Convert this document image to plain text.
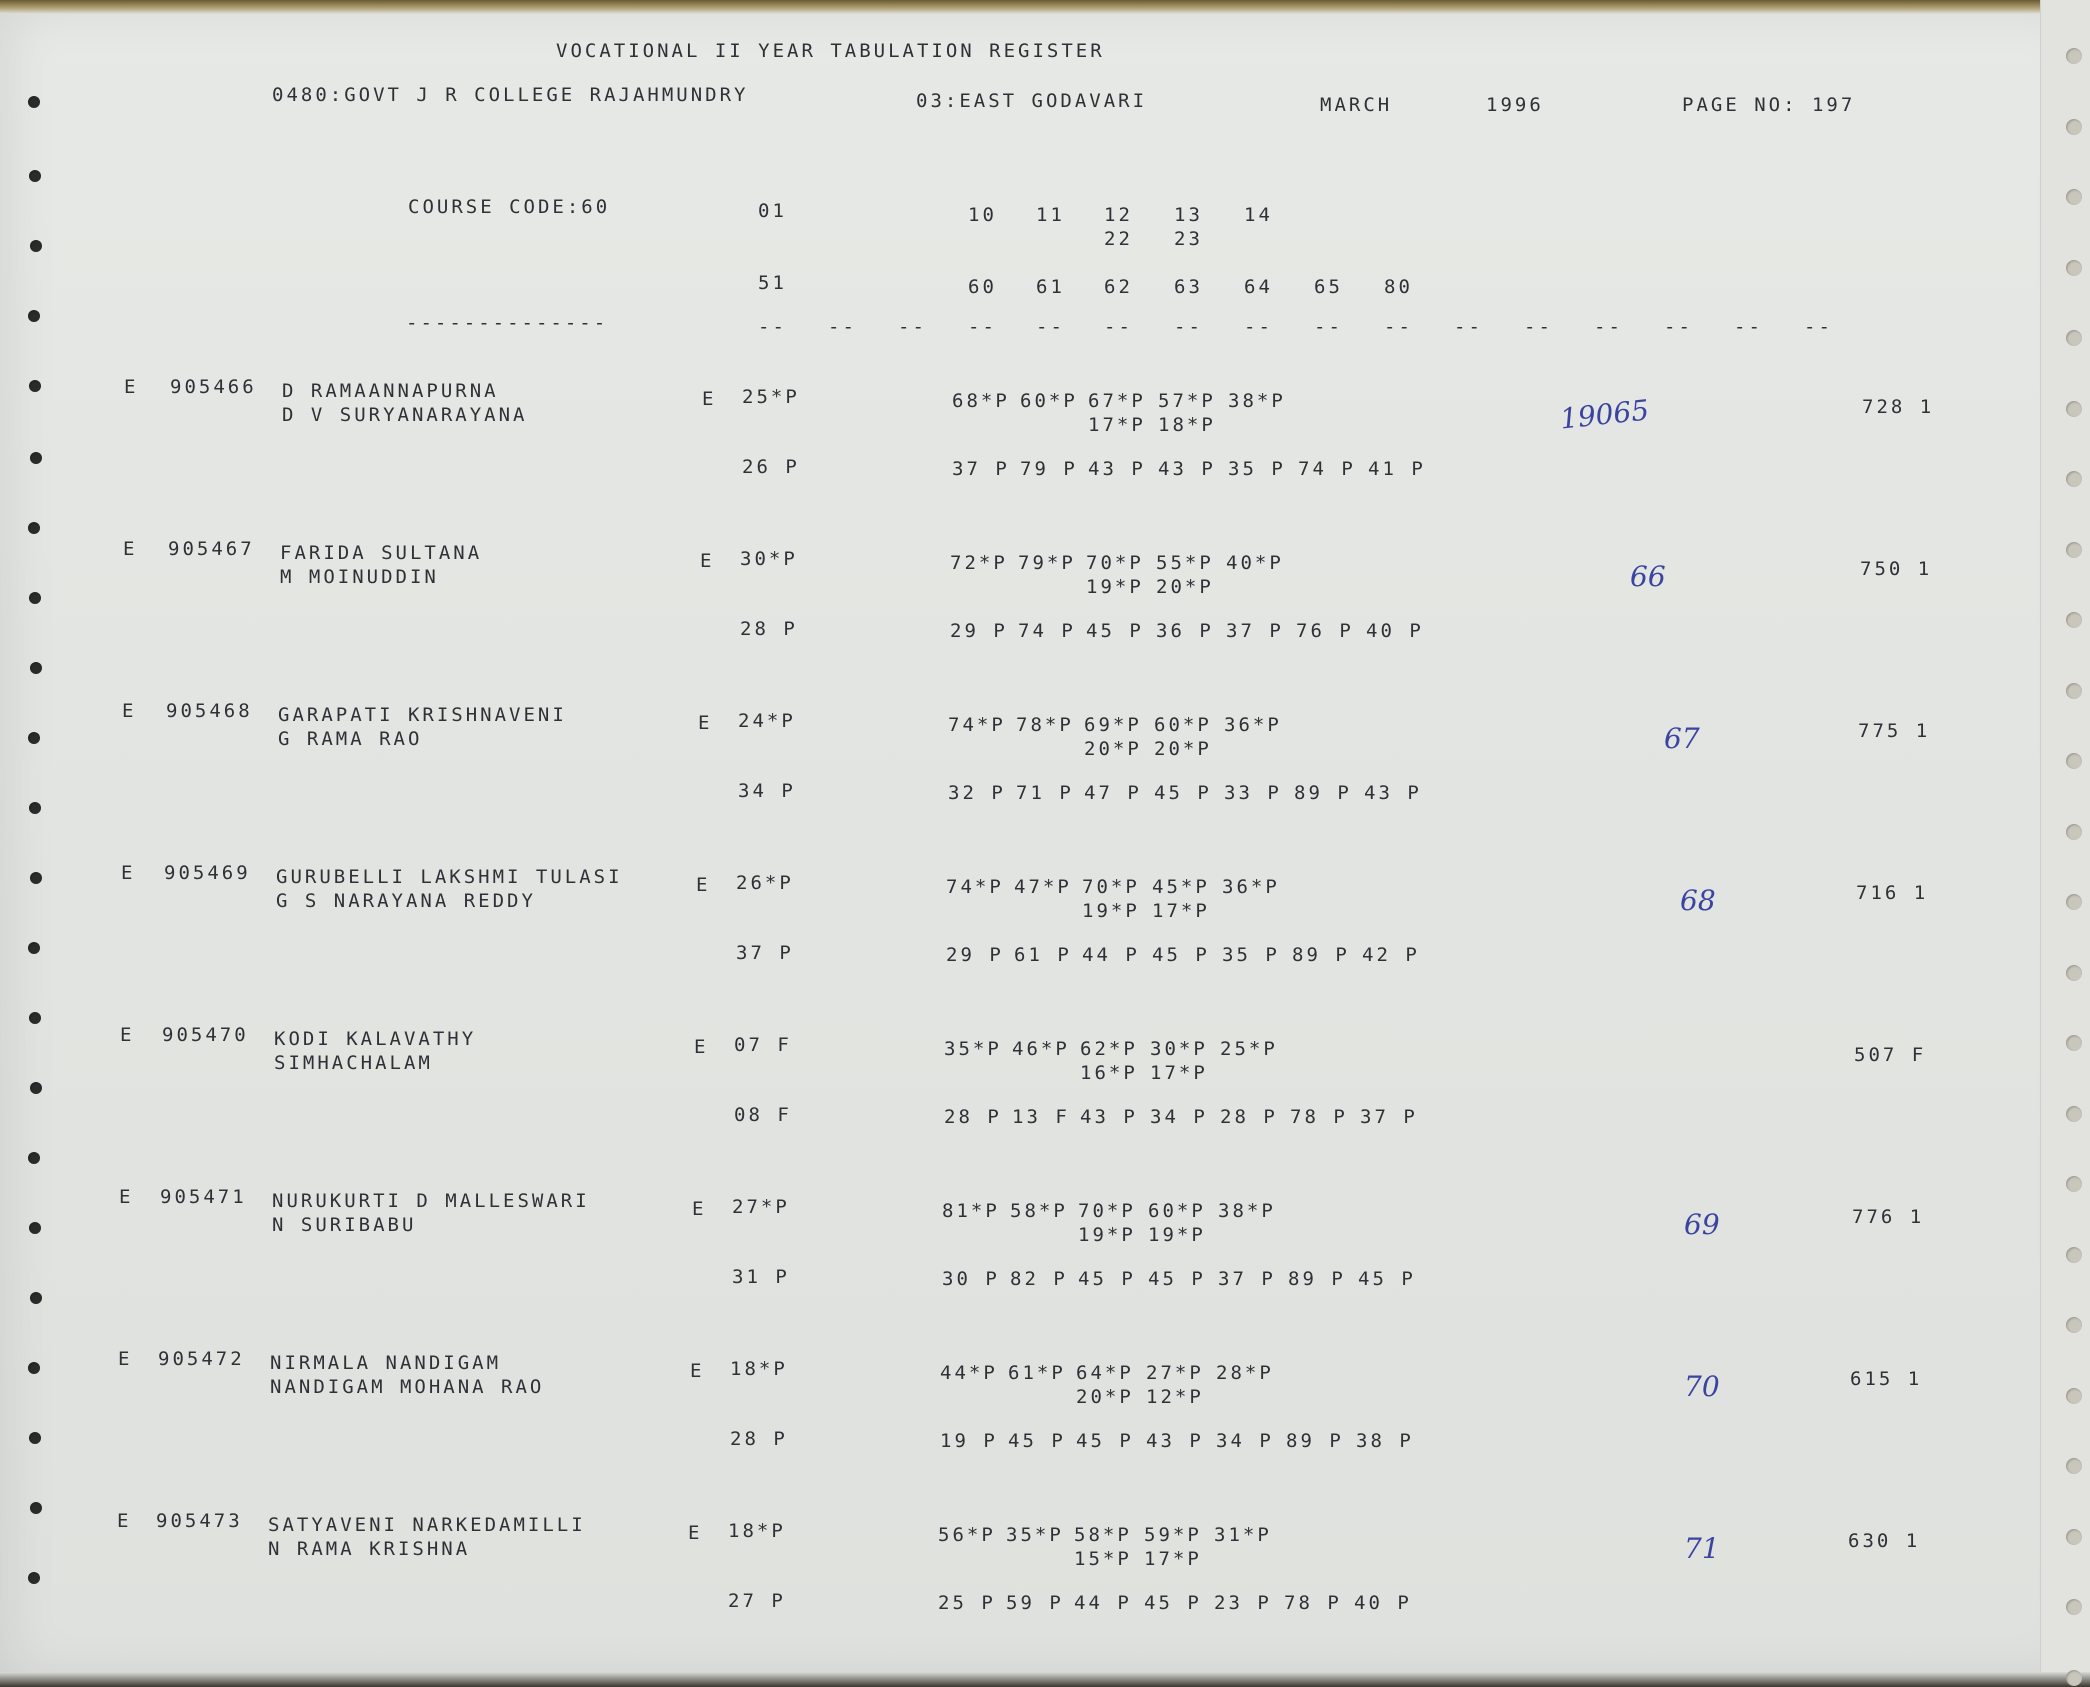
VOCATIONAL II YEAR TABULATION REGISTER
0480:GOVT J R COLLEGE RAJAHMUNDRY	03:EAST GODAVARI	MARCH	1996	PAGE NO: 197
COURSE CODE:60	01	10 11 12 13 14
22 23
51	60 61 62 63 64 65 80
--------------	-- -- -- -- -- -- -- -- -- -- -- -- -- -- -- --
E 905466 D RAMAANNAPURNA
D V SURYANARAYANA
E 25*P	68*P 60*P 67*P 57*P 38*P
17*P 18*P
26 P	37 P 79 P 43 P 43 P 35 P 74 P 41 P
19065	728 1
E 905467 FARIDA SULTANA
M MOINUDDIN
E 30*P	72*P 79*P 70*P 55*P 40*P
19*P 20*P
28 P	29 P 74 P 45 P 36 P 37 P 76 P 40 P
66	750 1
E 905468 GARAPATI KRISHNAVENI
G RAMA RAO
E 24*P	74*P 78*P 69*P 60*P 36*P
20*P 20*P
34 P	32 P 71 P 47 P 45 P 33 P 89 P 43 P
67	775 1
E 905469 GURUBELLI LAKSHMI TULASI
G S NARAYANA REDDY
E 26*P	74*P 47*P 70*P 45*P 36*P
19*P 17*P
37 P	29 P 61 P 44 P 45 P 35 P 89 P 42 P
68	716 1
E 905470 KODI KALAVATHY
SIMHACHALAM
E 07 F	35*P 46*P 62*P 30*P 25*P
16*P 17*P
08 F	28 P 13 F 43 P 34 P 28 P 78 P 37 P
507 F
E 905471 NURUKURTI D MALLESWARI
N SURIBABU
E 27*P	81*P 58*P 70*P 60*P 38*P
19*P 19*P
31 P	30 P 82 P 45 P 45 P 37 P 89 P 45 P
69	776 1
E 905472 NIRMALA NANDIGAM
NANDIGAM MOHANA RAO
E 18*P	44*P 61*P 64*P 27*P 28*P
20*P 12*P
28 P	19 P 45 P 45 P 43 P 34 P 89 P 38 P
70	615 1
E 905473 SATYAVENI NARKEDAMILLI
N RAMA KRISHNA
E 18*P	56*P 35*P 58*P 59*P 31*P
15*P 17*P
27 P	25 P 59 P 44 P 45 P 23 P 78 P 40 P
71	630 1
